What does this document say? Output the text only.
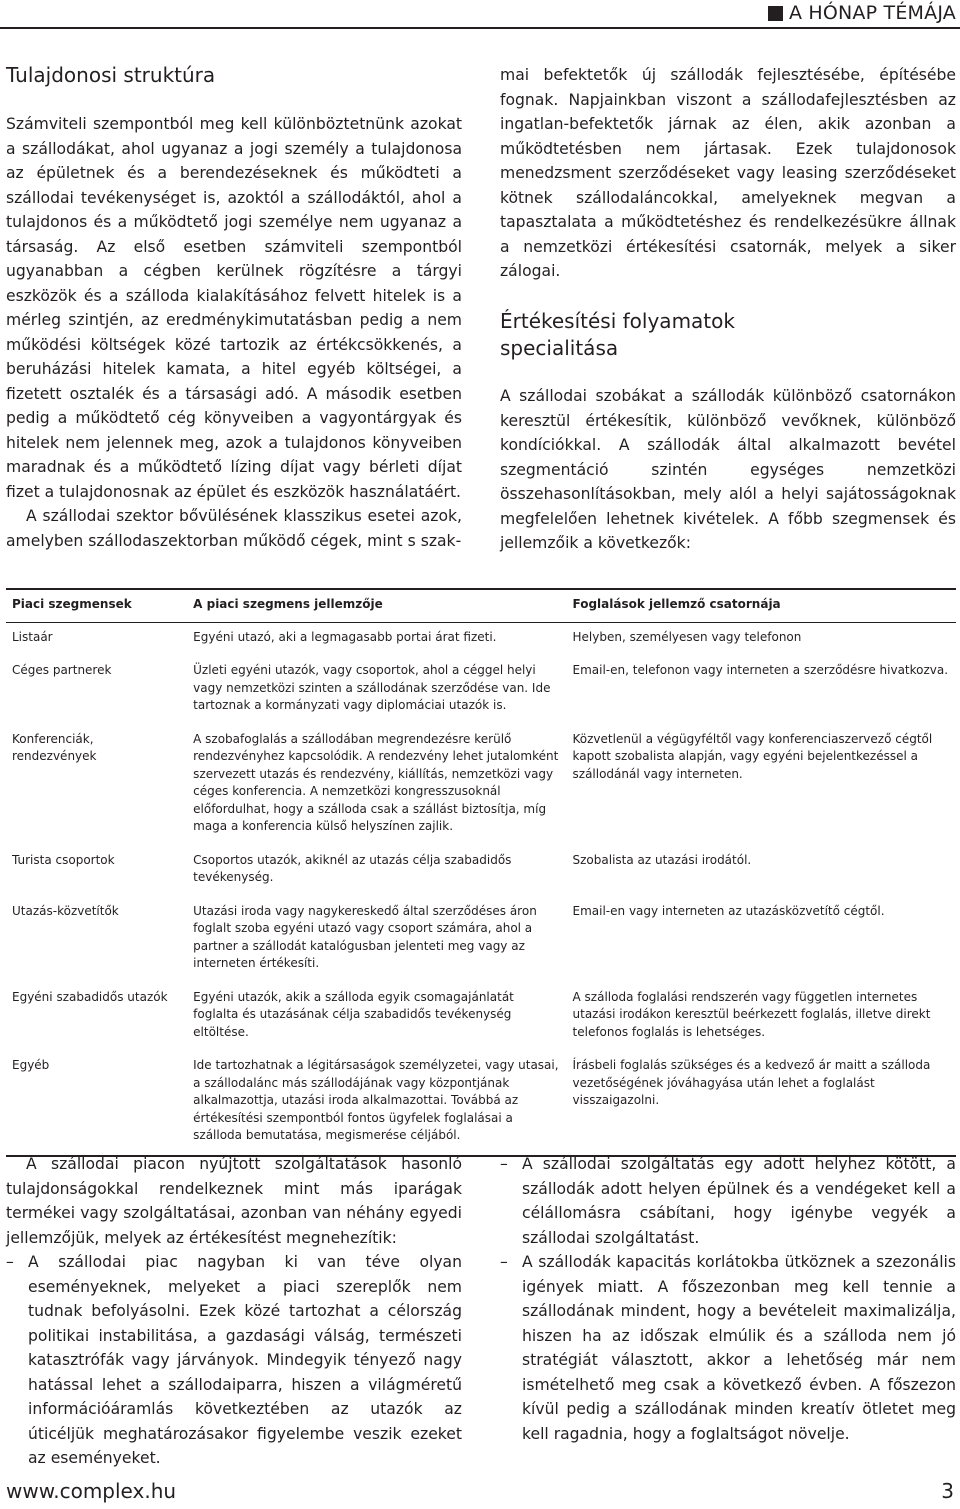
A HÓNAP TÉMÁJA
Tulajdonosi struktúra

Számviteli szempontból meg kell különböztetnünk azokat a szállodákat, ahol ugyanaz a jogi személy a tulajdonosa az épületnek és a berendezéseknek és működteti a szállodai tevékenységet is, azoktól a szállodáktól, ahol a tulajdonos és a működtető jogi személye nem ugyanaz a társaság. Az első esetben számviteli szempontból ugyanabban a cégben kerülnek rögzítésre a tárgyi eszközök és a szálloda kialakításához felvett hitelek is a mérleg szintjén, az eredménykimutatásban pedig a nem működési költségek közé tartozik az értékcsökkenés, a beruházási hitelek kamata, a hitel egyéb költségei, a fizetett osztalék és a társasági adó. A második esetben pedig a működtető cég könyveiben a vagyontárgyak és hitelek nem jelennek meg, azok a tulajdonos könyveiben maradnak és a működtető lízing díjat vagy bérleti díjat fizet a tulajdonosnak az épület és eszközök használatáért.

A szállodai szektor bővülésének klasszikus esetei azok, amelyben szállodaszektorban működő cégek, mint s szak-

mai befektetők új szállodák fejlesztésébe, építésébe fognak. Napjainkban viszont a szállodafejlesztésben az ingatlan-befektetők járnak az élen, akik azonban a működtetésben nem jártasak. Ezek tulajdonosok menedzsment szerződéseket vagy leasing szerződéseket kötnek szállodaláncokkal, amelyeknek megvan a tapasztalata a működtetéshez és rendelkezésükre állnak a nemzetközi értékesítési csatornák, melyek a siker zálogai.

Értékesítési folyamatok specialitása

A szállodai szobákat a szállodák különböző csatornákon keresztül értékesítik, különböző vevőknek, különböző kondíciókkal. A szállodák által alkalmazott bevétel szegmentáció szintén egységes nemzetközi összehasonlításokban, mely alól a helyi sajátosságoknak megfelelően lehetnek kivételek. A főbb szegmensek és jellemzőik a következők:

Piaci szegmensek	A piaci szegmens jellemzője	Foglalások jellemző csatornája
Listaár	Egyéni utazó, aki a legmagasabb portai árat fizeti.	Helyben, személyesen vagy telefonon
Céges partnerek	Üzleti egyéni utazók, vagy csoportok, ahol a céggel helyi vagy nemzetközi szinten a szállodának szerződése van. Ide tartoznak a kormányzati vagy diplomáciai utazók is.	Email-en, telefonon vagy interneten a szerződésre hivatkozva.
Konferenciák, rendezvények	A szobafoglalás a szállodában megrendezésre kerülő rendezvényhez kapcsolódik. A rendezvény lehet jutalomként szervezett utazás és rendezvény, kiállítás, nemzetközi vagy céges konferencia. A nemzetközi kongresszusoknál előfordulhat, hogy a szálloda csak a szállást biztosítja, míg maga a konferencia külső helyszínen zajlik.	Közvetlenül a végügyféltől vagy konferenciaszervező cégtől kapott szobalista alapján, vagy egyéni bejelentkezéssel a szállodánál vagy interneten.
Turista csoportok	Csoportos utazók, akiknél az utazás célja szabadidős tevékenység.	Szobalista az utazási irodától.
Utazás-közvetítők	Utazási iroda vagy nagykereskedő által szerződéses áron foglalt szoba egyéni utazó vagy csoport számára, ahol a partner a szállodát katalógusban jelenteti meg vagy az interneten értékesíti.	Email-en vagy interneten az utazásközvetítő cégtől.
Egyéni szabadidős utazók	Egyéni utazók, akik a szálloda egyik csomagajánlatát foglalta és utazásának célja szabadidős tevékenység eltöltése.	A szálloda foglalási rendszerén vagy független internetes utazási irodákon keresztül beérkezett foglalás, illetve direkt telefonos foglalás is lehetséges.
Egyéb	Ide tartozhatnak a légitársaságok személyzetei, vagy utasai, a szállodalánc más szállodájának vagy központjának alkalmazottja, utazási iroda alkalmazottai. Továbbá az értékesítési szempontból fontos ügyfelek foglalásai a szálloda bemutatása, megismerése céljából.	Írásbeli foglalás szükséges és a kedvező ár maitt a szálloda vezetőségének jóváhagyása után lehet a foglalást visszaigazolni.

A szállodai piacon nyújtott szolgáltatások hasonló tulajdonságokkal rendelkeznek mint más iparágak termékei vagy szolgáltatásai, azonban van néhány egyedi jellemzőjük, melyek az értékesítést megnehezítik:

– A szállodai piac nagyban ki van téve olyan eseményeknek, melyeket a piaci szereplők nem tudnak befolyásolni. Ezek közé tartozhat a célország politikai instabilitása, a gazdasági válság, természeti katasztrófák vagy járványok. Mindegyik tényező nagy hatással lehet a szállodaiparra, hiszen a világméretű információáramlás következtében az utazók az úticéljük meghatározásakor figyelembe veszik ezeket az eseményeket.
– A szállodai szolgáltatás egy adott helyhez kötött, a szállodák adott helyen épülnek és a vendégeket kell a célállomásra csábítani, hogy igénybe vegyék a szállodai szolgáltatást.
– A szállodák kapacitás korlátokba ütköznek a szezonális igények miatt. A főszezonban meg kell tennie a szállodának mindent, hogy a bevételeit maximalizálja, hiszen ha az időszak elmúlik és a szálloda nem jó stratégiát választott, akkor a lehetőség már nem ismételhető meg csak a következő évben. A főszezon kívül pedig a szállodának minden kreatív ötletet meg kell ragadnia, hogy a foglaltságot növelje.
www.complex.hu	3
